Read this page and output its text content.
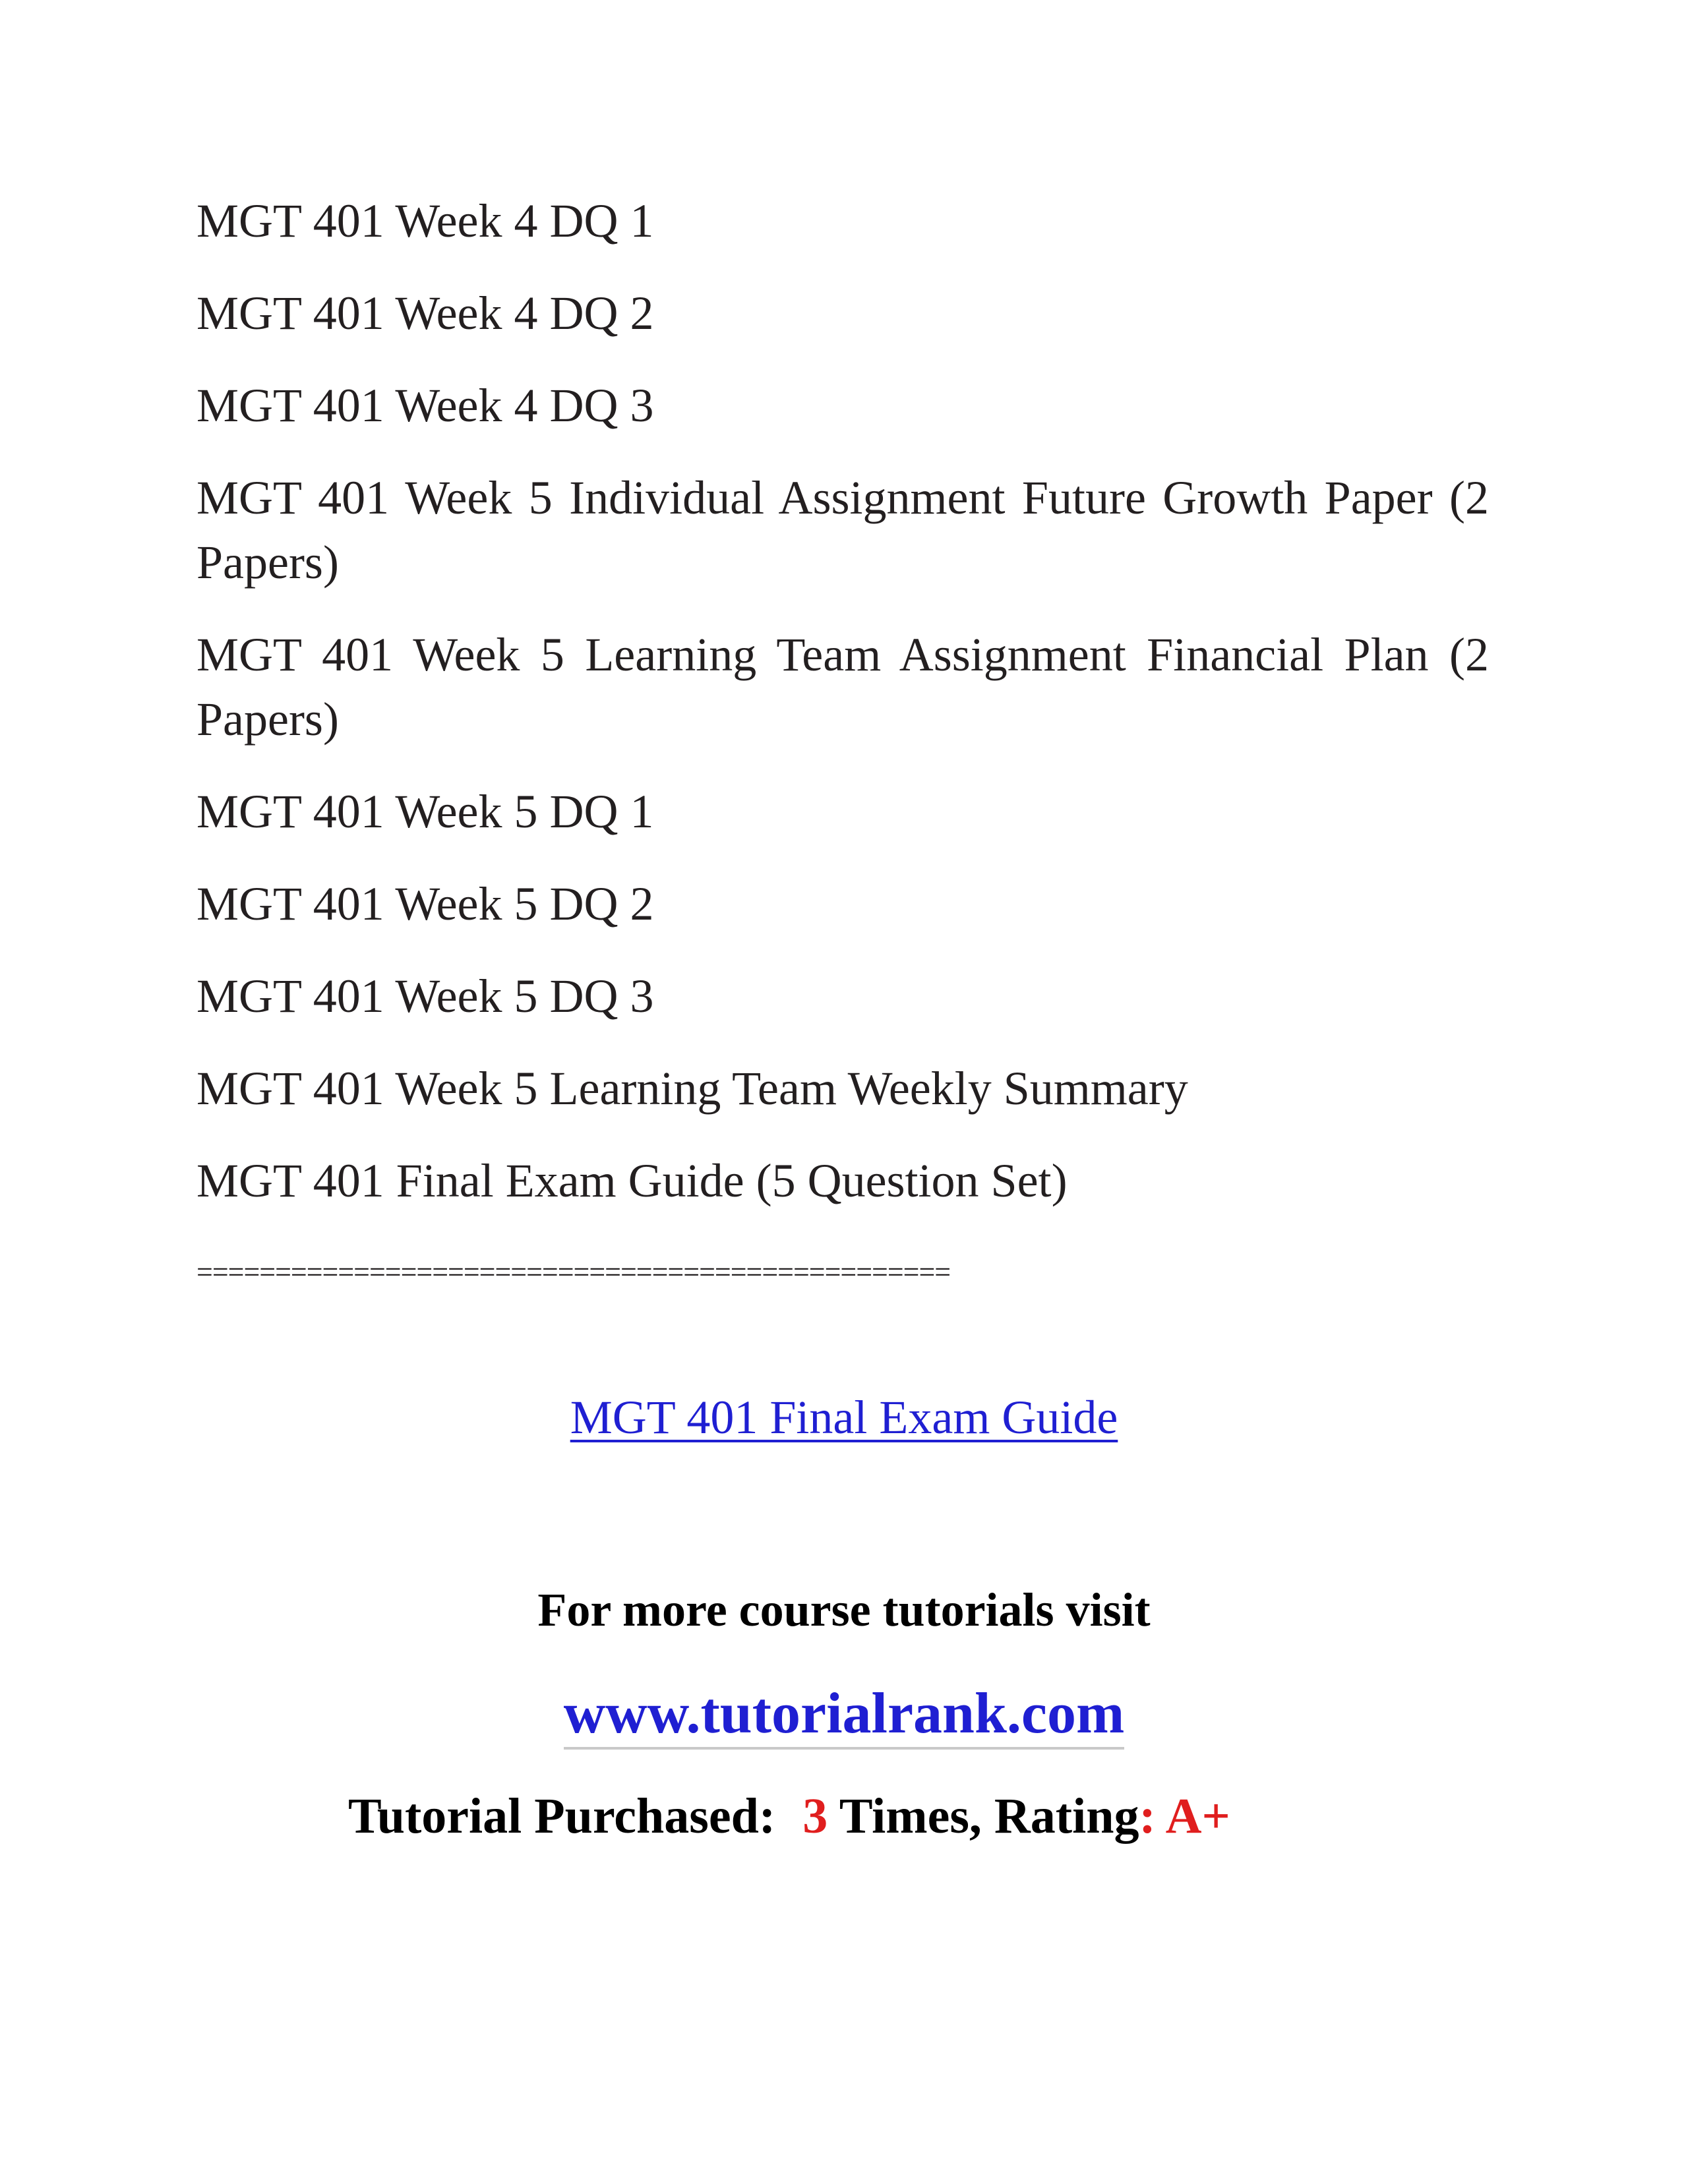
MGT 401 Week 4 DQ 1
MGT 401 Week 4 DQ 2
MGT 401 Week 4 DQ 3
MGT 401 Week 5 Individual Assignment Future Growth Paper (2 Papers)
MGT 401 Week 5 Learning Team Assignment Financial Plan (2 Papers)
MGT 401 Week 5 DQ 1
MGT 401 Week 5 DQ 2
MGT 401 Week 5 DQ 3
MGT 401 Week 5 Learning Team Weekly Summary
MGT 401 Final Exam Guide (5 Question Set)
================================================
MGT 401 Final Exam Guide
For more course tutorials visit
www.tutorialrank.com
Tutorial Purchased: 3 Times, Rating: A+
